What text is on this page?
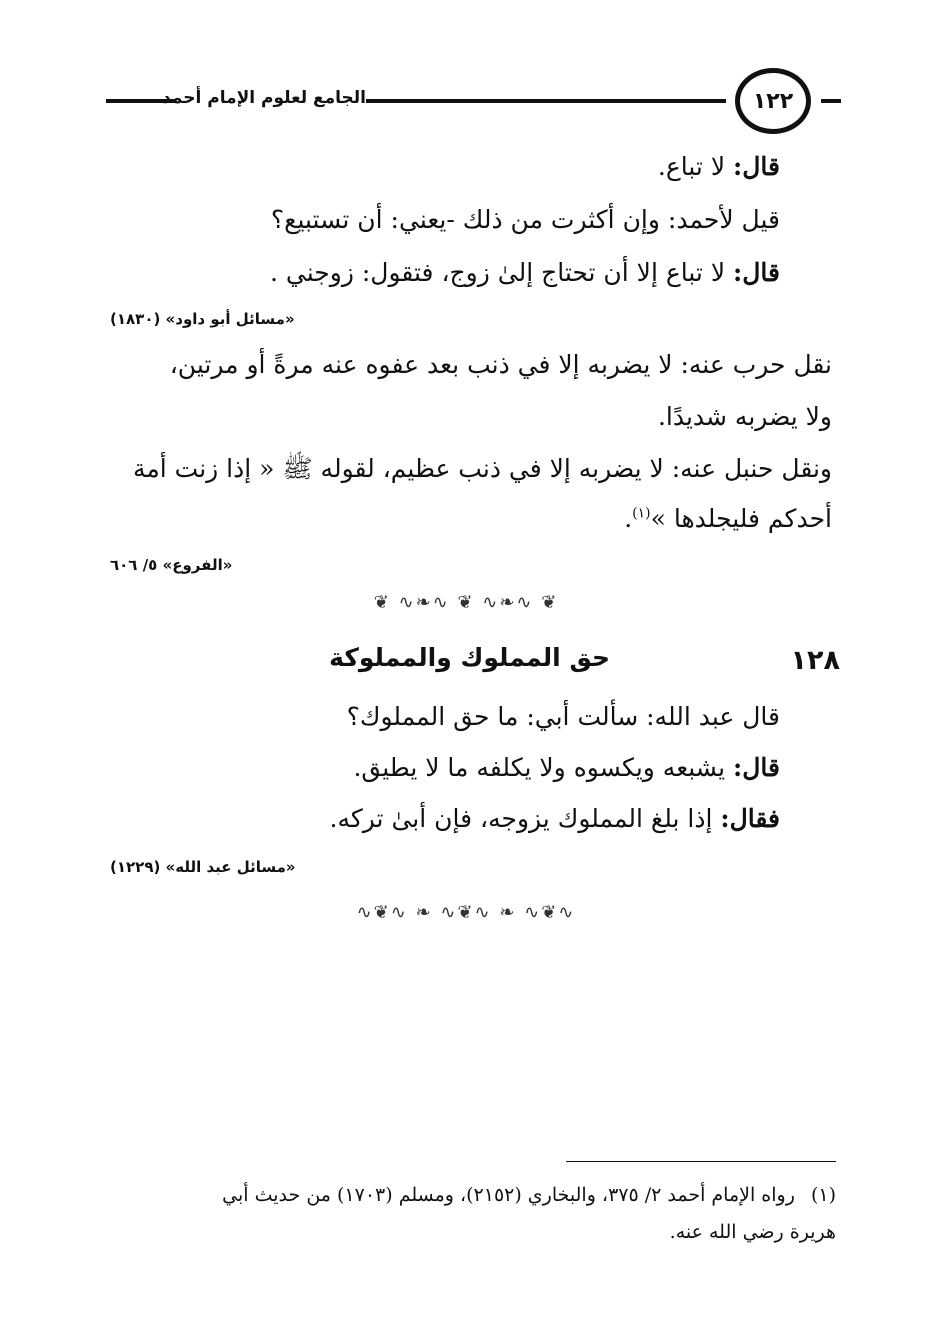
١٢٢
الجامع لعلوم الإمام أحمد
قال: لا تباع.
قيل لأحمد: وإن أكثرت من ذلك -يعني: أن تستبيع؟
قال: لا تباع إلا أن تحتاج إلىٰ زوج، فتقول: زوجني .
«مسائل أبو داود» (١٨٣٠)
نقل حرب عنه: لا يضربه إلا في ذنب بعد عفوه عنه مرةً أو مرتين،
ولا يضربه شديدًا.
ونقل حنبل عنه: لا يضربه إلا في ذنب عظيم، لقوله ﷺ « إذا زنت أمة
أحدكم فليجلدها »$^{(١)}$.
«الفروع» ٥/ ٦٠٦
❦ ∿❧∿ ❦ ∿❧∿ ❦
١٢٨
حق المملوك والمملوكة
قال عبد الله: سألت أبي: ما حق المملوك؟
قال: يشبعه ويكسوه ولا يكلفه ما لا يطيق.
فقال: إذا بلغ المملوك يزوجه، فإن أبىٰ تركه.
«مسائل عبد الله» (١٢٢٩)
∿❦∿ ❧ ∿❦∿ ❧ ∿❦∿
(١) رواه الإمام أحمد ٢/ ٣٧٥، والبخاري (٢١٥٢)، ومسلم (١٧٠٣) من حديث أبي
هريرة رضي الله عنه.
